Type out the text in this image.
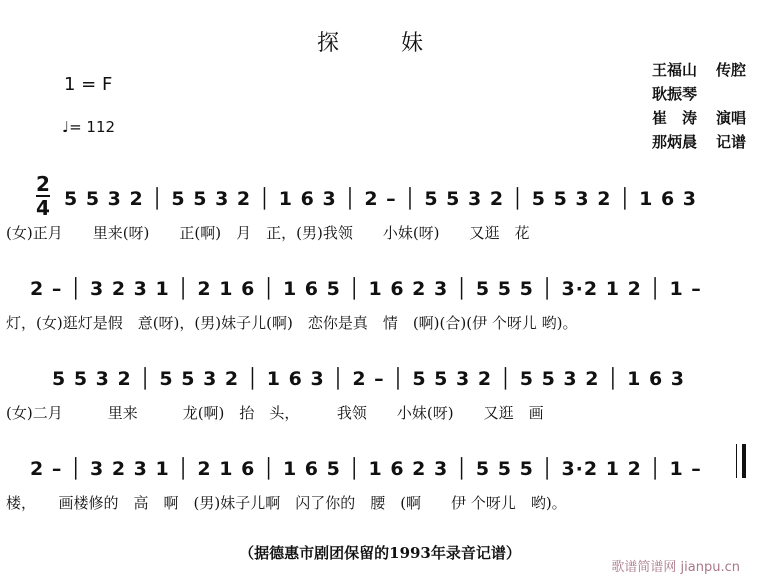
探　妹
1 = F
♩= 112
王福山	传腔
耿振琴
崔　涛	演唱
那炳晨	记谱
2
4 5 5 3 2 │ 5 5 3 2 │ 1 6 3 │ 2 – │ 5 5 3 2 │ 5 5 3 2 │ 1 6 3
(女)正月　　里来(呀)　　正(啊)　月　正，(男)我领　　小妹(呀)　　又逛　花
2 – │ 3 2 3 1 │ 2 1 6 │ 1 6 5 │ 1 6 2 3 │ 5 5 5 │ 3·2 1 2 │ 1 –
灯，(女)逛灯是假　意(呀)，(男)妹子儿(啊)　恋你是真　情　(啊)(合)(伊 个呀儿 哟)。
5 5 3 2 │ 5 5 3 2 │ 1 6 3 │ 2 – │ 5 5 3 2 │ 5 5 3 2 │ 1 6 3
(女)二月　　　里来　　　龙(啊)　抬　头，　　　我领　　小妹(呀)　　又逛　画
2 – │ 3 2 3 1 │ 2 1 6 │ 1 6 5 │ 1 6 2 3 │ 5 5 5 │ 3·2 1 2 │ 1 –
楼，　　画楼修的　高　啊　(男)妹子儿啊　闪了你的　腰　(啊　　伊 个呀儿　哟)。
（据德惠市剧团保留的1993年录音记谱）
歌谱简谱网 jianpu.cn
